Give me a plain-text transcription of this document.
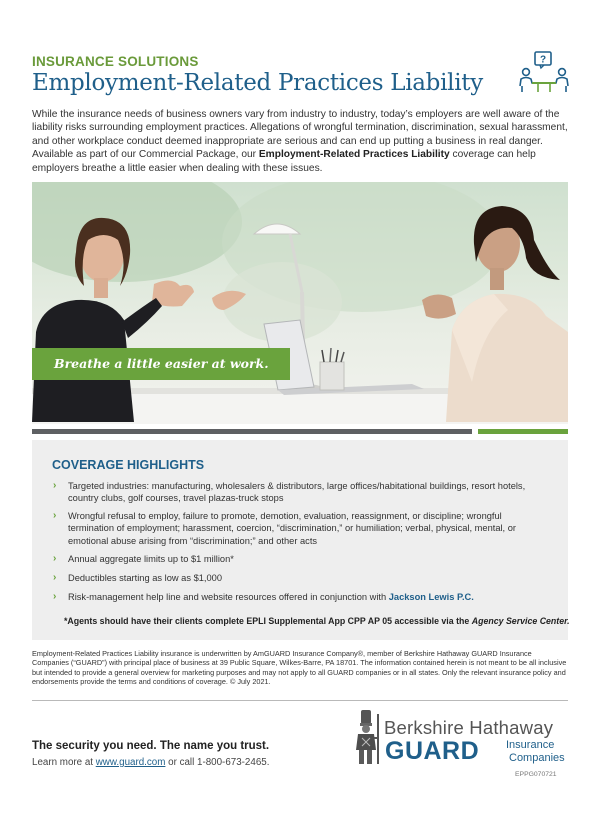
INSURANCE SOLUTIONS
Employment-Related Practices Liability
?

While the insurance needs of business owners vary from industry to industry, today’s employers are well aware of the liability risks surrounding employment practices. Allegations of wrongful termination, discrimination, sexual harassment, and other workplace conduct deemed inappropriate are serious and can end up putting a business in real danger. Available as part of our Commercial Package, our Employment-Related Practices Liability coverage can help employers breathe a little easier when dealing with these issues.

Breathe a little easier at work.
COVERAGE HIGHLIGHTS
› Targeted industries: manufacturing, wholesalers & distributors, large offices/habitational buildings, resort hotels, country clubs, golf courses, travel plazas-truck stops
› Wrongful refusal to employ, failure to promote, demotion, evaluation, reassignment, or discipline; wrongful termination of employment; harassment, coercion, “discrimination,” or humiliation; verbal, physical, mental, or emotional abuse arising from “discrimination;” and other acts
› Annual aggregate limits up to $1 million*
› Deductibles starting as low as $1,000
› Risk-management help line and website resources offered in conjunction with Jackson Lewis P.C.
*Agents should have their clients complete EPLI Supplemental App CPP AP 05 accessible via the Agency Service Center.

Employment-Related Practices Liability insurance is underwritten by AmGUARD Insurance Company®, member of Berkshire Hathaway GUARD Insurance Companies (“GUARD”) with principal place of business at 39 Public Square, Wilkes-Barre, PA 18701. The information contained herein is not meant to be all inclusive but intended to provide a general overview for marketing purposes and may not apply to all GUARD companies or in all states. Only the relevant insurance policy and endorsements provide the terms and conditions of coverage. © July 2021.

The security you need. The name you trust.
Learn more at www.guard.com or call 1-800-673-2465.
Berkshire Hathaway
GUARD Insurance
Companies
EPPG070721
